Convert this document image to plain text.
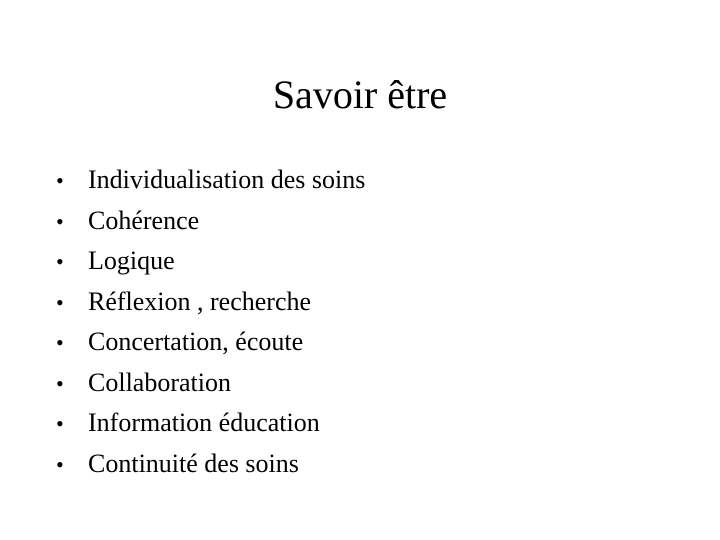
Savoir être
• Individualisation des soins
• Cohérence
• Logique
• Réflexion , recherche
• Concertation, écoute
• Collaboration
• Information éducation
• Continuité des soins
